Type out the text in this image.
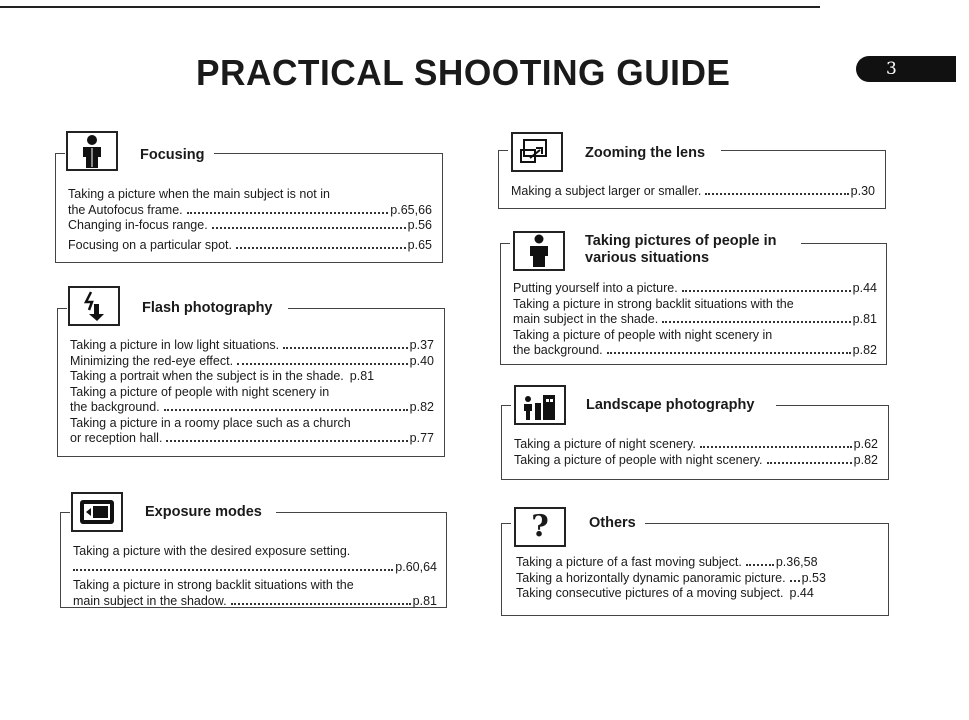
PRACTICAL SHOOTING GUIDE	3
Focusing
Taking a picture when the main subject is not in
the Autofocus frame.	p.65,66
Changing in-focus range.	p.56
Focusing on a particular spot.	p.65
Flash photography
Taking a picture in low light situations.	p.37
Minimizing the red-eye effect.	p.40
Taking a portrait when the subject is in the shade. p.81
Taking a picture of people with night scenery in
the background.	p.82
Taking a picture in a roomy place such as a church
or reception hall.	p.77
Exposure modes
Taking a picture with the desired exposure setting.
p.60,64
Taking a picture in strong backlit situations with the
main subject in the shadow.	p.81
Zooming the lens
Making a subject larger or smaller.	p.30
Taking pictures of people in
various situations
Putting yourself into a picture.	p.44
Taking a picture in strong backlit situations with the
main subject in the shade.	p.81
Taking a picture of people with night scenery in
the background.	p.82
Landscape photography
Taking a picture of night scenery.	p.62
Taking a picture of people with night scenery.	p.82
?	Others
Taking a picture of a fast moving subject.	p.36,58
Taking a horizontally dynamic panoramic picture. p.53
Taking consecutive pictures of a moving subject. p.44
